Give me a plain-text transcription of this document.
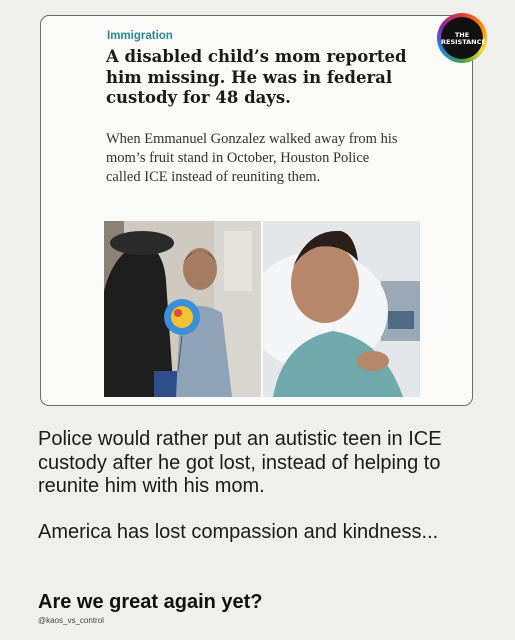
Immigration
A disabled child’s mom reported him missing. He was in federal custody for 48 days.

When Emmanuel Gonzalez walked away from his mom’s fruit stand in October, Houston Police called ICE instead of reuniting them.

THE
RESISTANCE

Police would rather put an autistic teen in ICE custody after he got lost, instead of helping to reunite him with his mom.

America has lost compassion and kindness...

Are we great again yet?

@kaos_vs_control
